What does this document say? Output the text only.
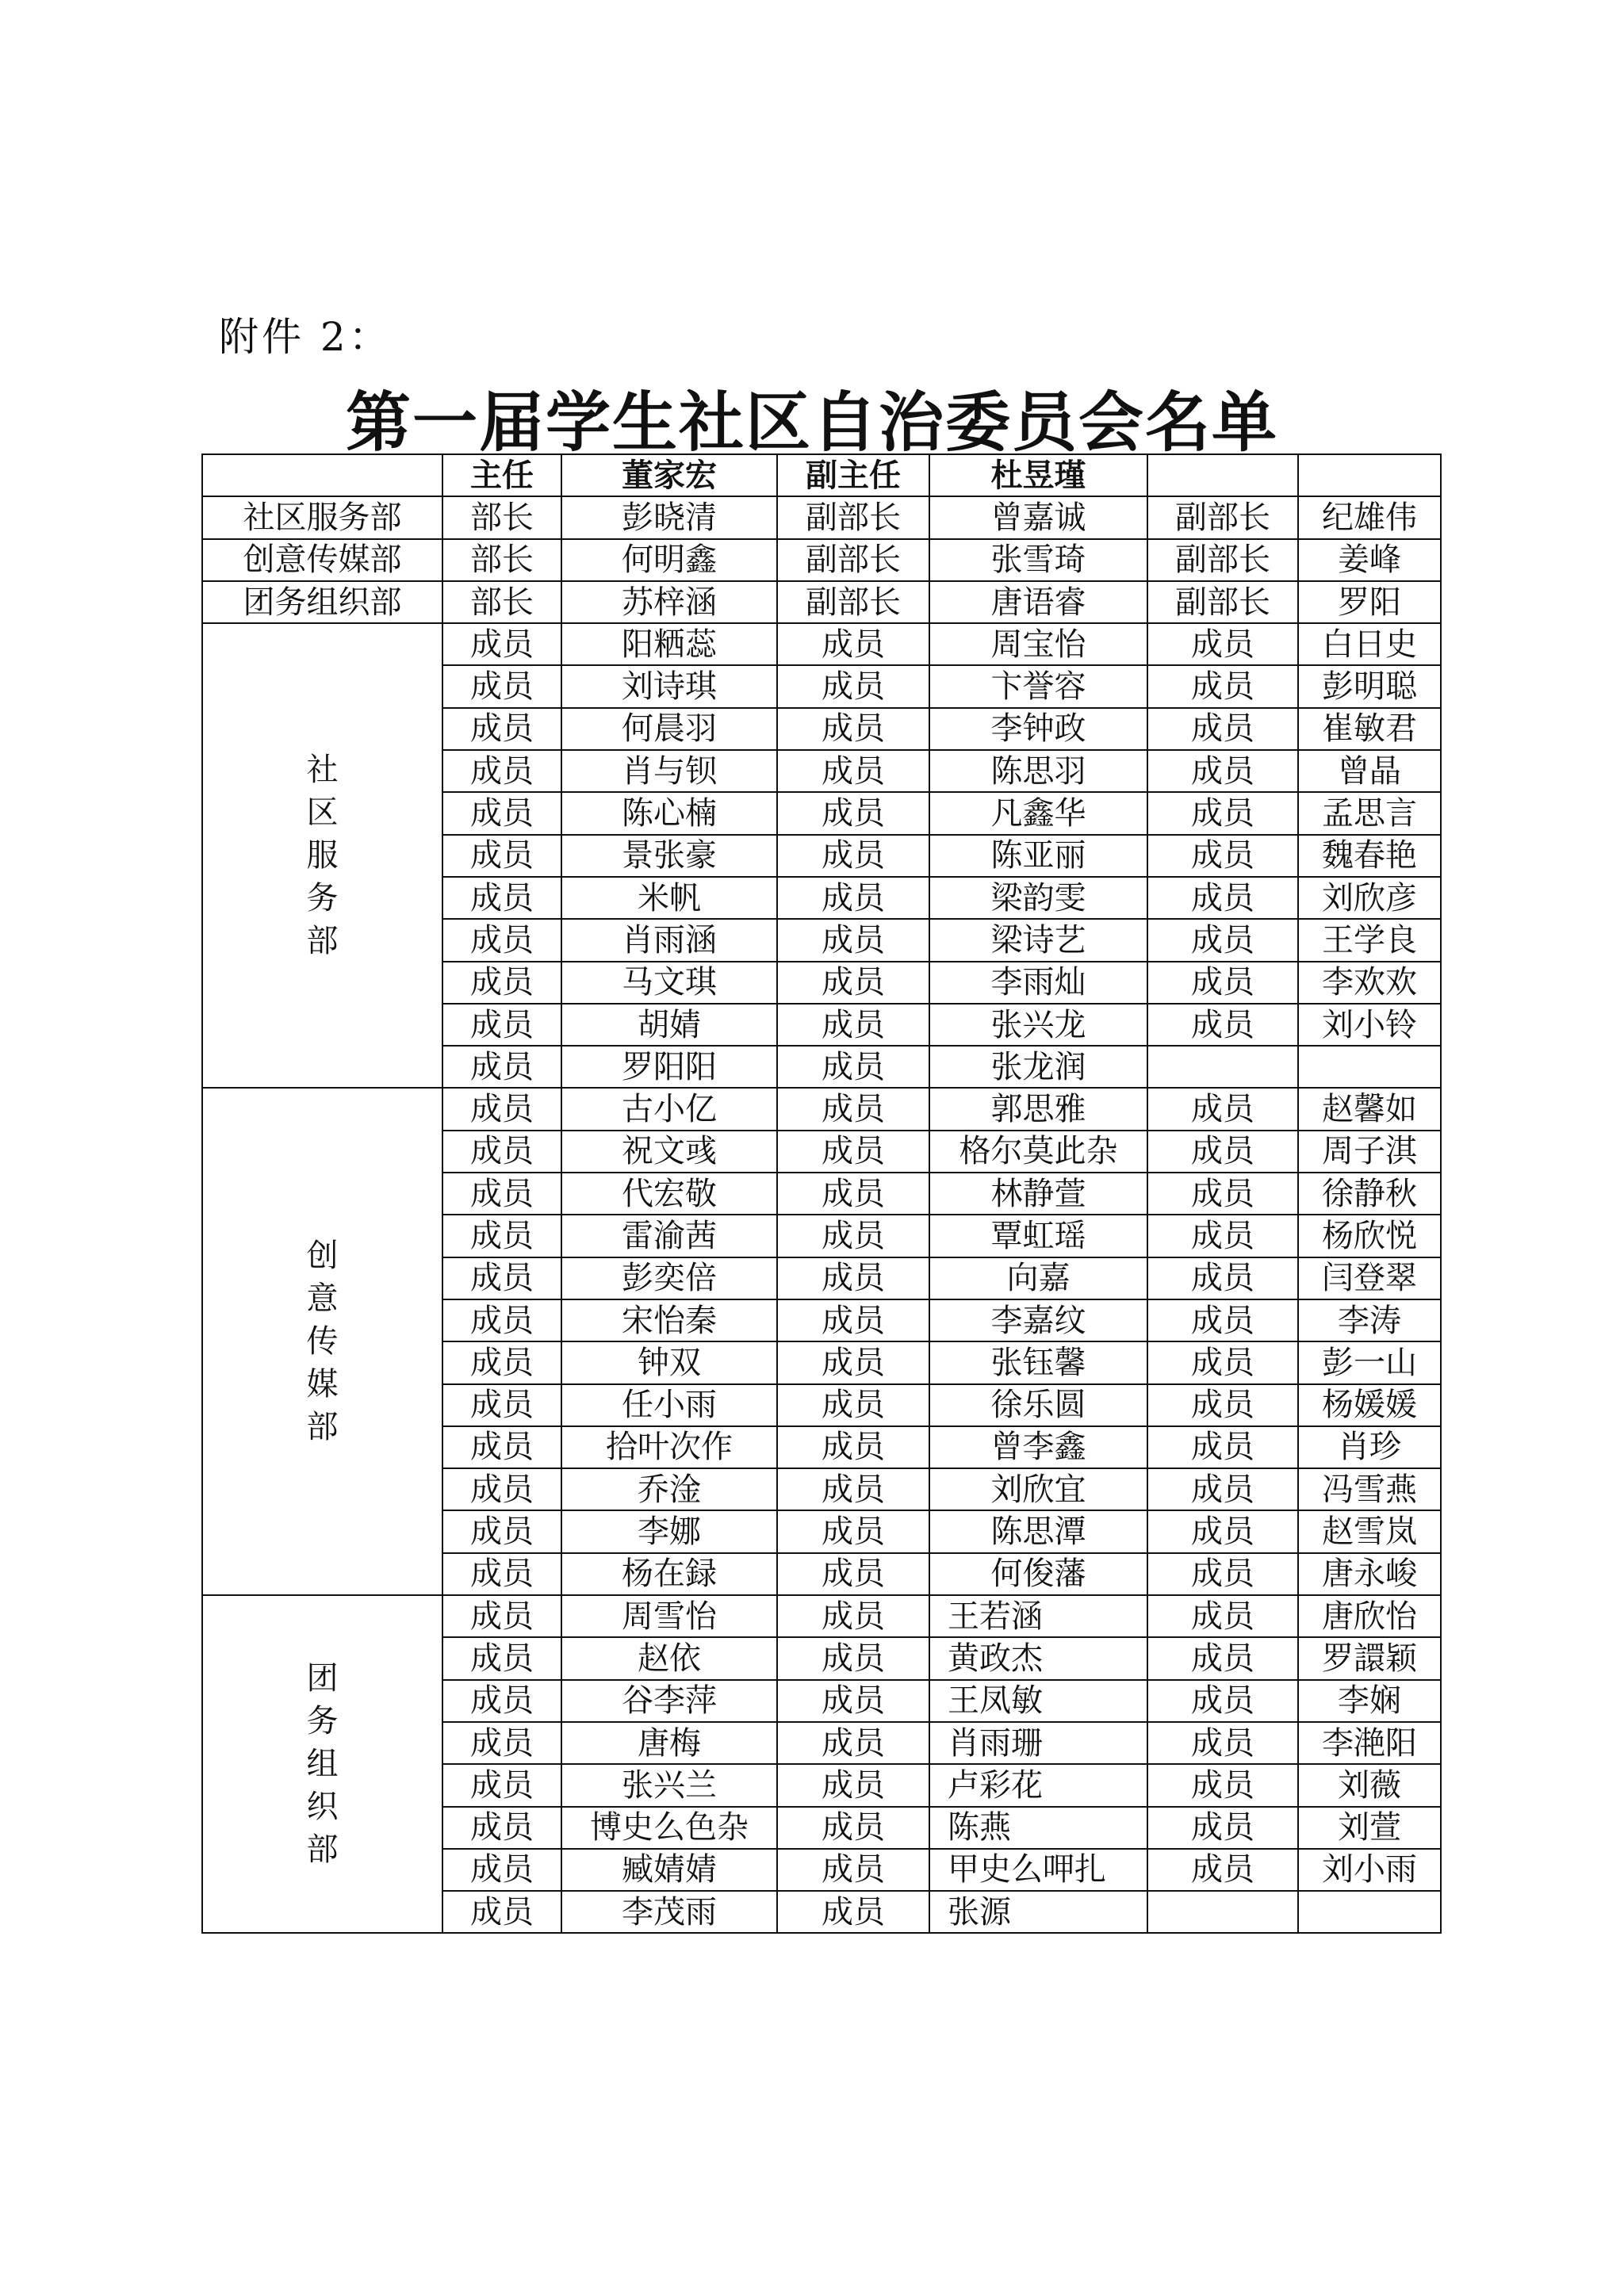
附件 2：
第一届学生社区自治委员会名单
	主任	董家宏	副主任	杜昱瑾		
社区服务部	部长	彭晓清	副部长	曾嘉诚	副部长	纪雄伟
创意传媒部	部长	何明鑫	副部长	张雪琦	副部长	姜峰
团务组织部	部长	苏梓涵	副部长	唐语睿	副部长	罗阳

社
区
服
务
部	成员	阳粞蕊	成员	周宝怡	成员	白日史
	成员	刘诗琪	成员	卞誉容	成员	彭明聪
	成员	何晨羽	成员	李钟政	成员	崔敏君
	成员	肖与钡	成员	陈思羽	成员	曾晶
	成员	陈心楠	成员	凡鑫华	成员	孟思言
	成员	景张豪	成员	陈亚丽	成员	魏春艳
	成员	米帆	成员	梁韵雯	成员	刘欣彦
	成员	肖雨涵	成员	梁诗艺	成员	王学良
	成员	马文琪	成员	李雨灿	成员	李欢欢
	成员	胡婧	成员	张兴龙	成员	刘小铃
	成员	罗阳阳	成员	张龙润		

创
意
传
媒
部	成员	古小亿	成员	郭思雅	成员	赵馨如
	成员	祝文彧	成员	格尔莫此杂	成员	周子淇
	成员	代宏敬	成员	林静萱	成员	徐静秋
	成员	雷渝茜	成员	覃虹瑶	成员	杨欣悦
	成员	彭奕倍	成员	向嘉	成员	闫登翠
	成员	宋怡秦	成员	李嘉纹	成员	李涛
	成员	钟双	成员	张钰馨	成员	彭一山
	成员	任小雨	成员	徐乐圆	成员	杨媛媛
	成员	拾叶次作	成员	曾李鑫	成员	肖珍
	成员	乔淦	成员	刘欣宜	成员	冯雪燕
	成员	李娜	成员	陈思潭	成员	赵雪岚
	成员	杨在録	成员	何俊藩	成员	唐永峻

团
务
组
织
部	成员	周雪怡	成员	王若涵	成员	唐欣怡
	成员	赵依	成员	黄政杰	成员	罗譞颖
	成员	谷李萍	成员	王凤敏	成员	李娴
	成员	唐梅	成员	肖雨珊	成员	李滟阳
	成员	张兴兰	成员	卢彩花	成员	刘薇
	成员	博史么色杂	成员	陈燕	成员	刘萱
	成员	臧婧婧	成员	甲史么呷扎	成员	刘小雨
	成员	李茂雨	成员	张源		
